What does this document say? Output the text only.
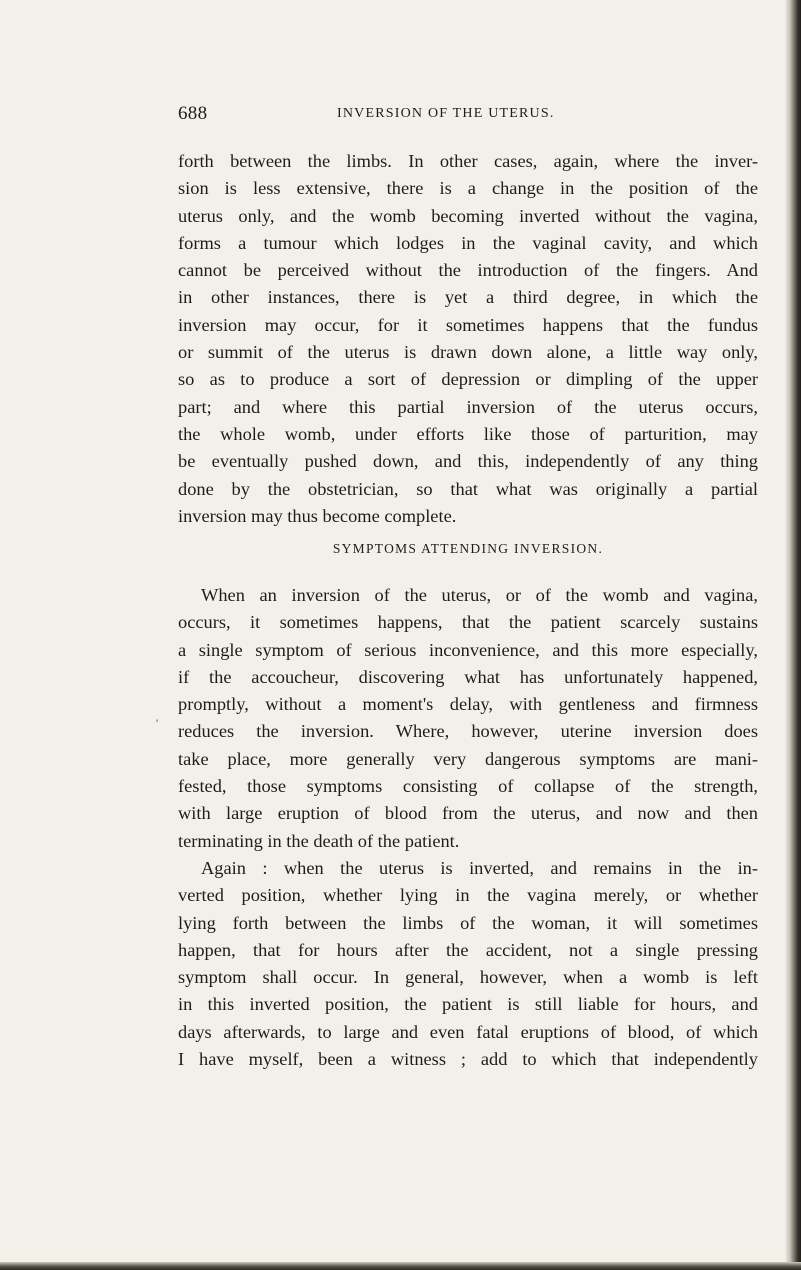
688	INVERSION OF THE UTERUS.
forth between the limbs. In other cases, again, where the inver-
sion is less extensive, there is a change in the position of the
uterus only, and the womb becoming inverted without the vagina,
forms a tumour which lodges in the vaginal cavity, and which
cannot be perceived without the introduction of the fingers. And
in other instances, there is yet a third degree, in which the
inversion may occur, for it sometimes happens that the fundus
or summit of the uterus is drawn down alone, a little way only,
so as to produce a sort of depression or dimpling of the upper
part; and where this partial inversion of the uterus occurs,
the whole womb, under efforts like those of parturition, may
be eventually pushed down, and this, independently of any thing
done by the obstetrician, so that what was originally a partial
inversion may thus become complete.
SYMPTOMS ATTENDING INVERSION.
When an inversion of the uterus, or of the womb and vagina,
occurs, it sometimes happens, that the patient scarcely sustains
a single symptom of serious inconvenience, and this more especially,
if the accoucheur, discovering what has unfortunately happened,
promptly, without a moment's delay, with gentleness and firmness
reduces the inversion. Where, however, uterine inversion does
take place, more generally very dangerous symptoms are mani-
fested, those symptoms consisting of collapse of the strength,
with large eruption of blood from the uterus, and now and then
terminating in the death of the patient.
Again : when the uterus is inverted, and remains in the in-
verted position, whether lying in the vagina merely, or whether
lying forth between the limbs of the woman, it will sometimes
happen, that for hours after the accident, not a single pressing
symptom shall occur. In general, however, when a womb is left
in this inverted position, the patient is still liable for hours, and
days afterwards, to large and even fatal eruptions of blood, of which
I have myself, been a witness ; add to which that independently
'
